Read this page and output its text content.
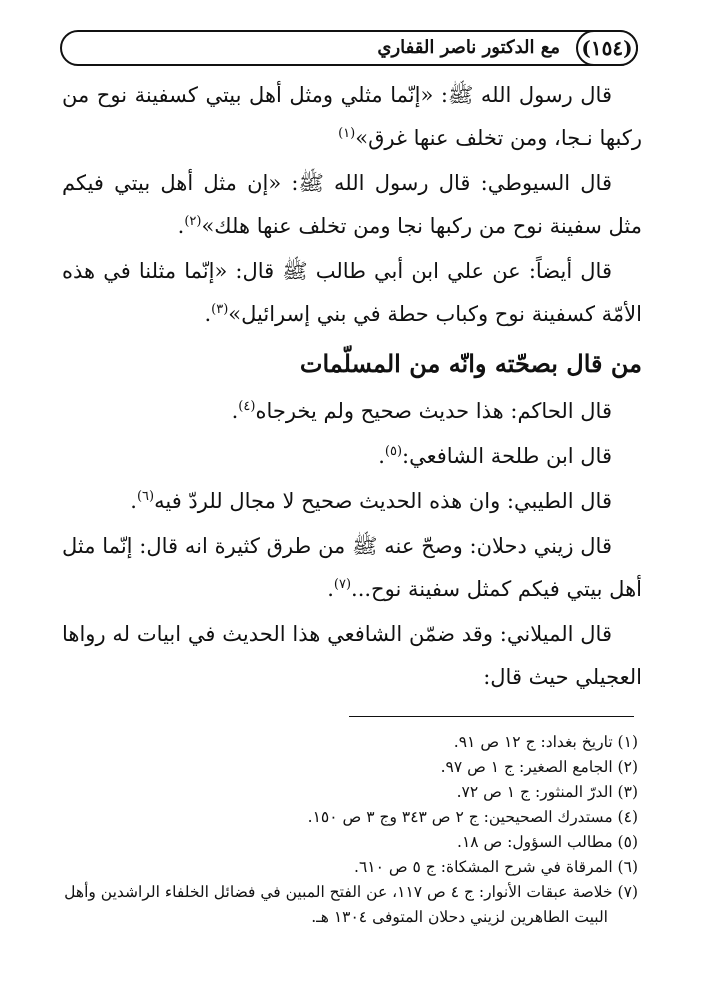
(١٥٤)
مع الدكتور ناصر القفاري

قال رسول الله ﷺ: «إنّما مثلي ومثل أهل بيتي كسفينة نوح من ركبها نـجا، ومن تخلف عنها غرق»$^{(١)}$

قال السيوطي: قال رسول الله ﷺ: «إن مثل أهل بيتي فيكم مثل سفينة نوح من ركبها نجا ومن تخلف عنها هلك»$^{(٢)}$.

قال أيضاً: عن علي ابن أبي طالب ﷺ قال: «إنّما مثلنا في هذه الأمّة كسفينة نوح وكباب حطة في بني إسرائيل»$^{(٣)}$.

من قال بصحّته وانّه من المسلّمات

قال الحاكم: هذا حديث صحيح ولم يخرجاه$^{(٤)}$.

قال ابن طلحة الشافعي:$^{(٥)}$.

قال الطيبي: وان هذه الحديث صحيح لا مجال للردّ فيه$^{(٦)}$.

قال زيني دحلان: وصحّ عنه ﷺ من طرق كثيرة انه قال: إنّما مثل أهل بيتي فيكم كمثل سفينة نوح...$^{(٧)}$.

قال الميلاني: وقد ضمّن الشافعي هذا الحديث في ابيات له رواها العجيلي حيث قال:

(١) تاريخ بغداد: ج ١٢ ص ٩١.

(٢) الجامع الصغير: ج ١ ص ٩٧.

(٣) الدرّ المنثور: ج ١ ص ٧٢.

(٤) مستدرك الصحيحين: ج ٢ ص ٣٤٣ وج ٣ ص ١٥٠.

(٥) مطالب السؤول: ص ١٨.

(٦) المرقاة في شرح المشكاة: ج ٥ ص ٦١٠.

(٧) خلاصة عبقات الأنوار: ج ٤ ص ١١٧، عن الفتح المبين في فضائل الخلفاء الراشدين وأهل البيت الطاهرين لزيني دحلان المتوفى ١٣٠٤ هـ.
